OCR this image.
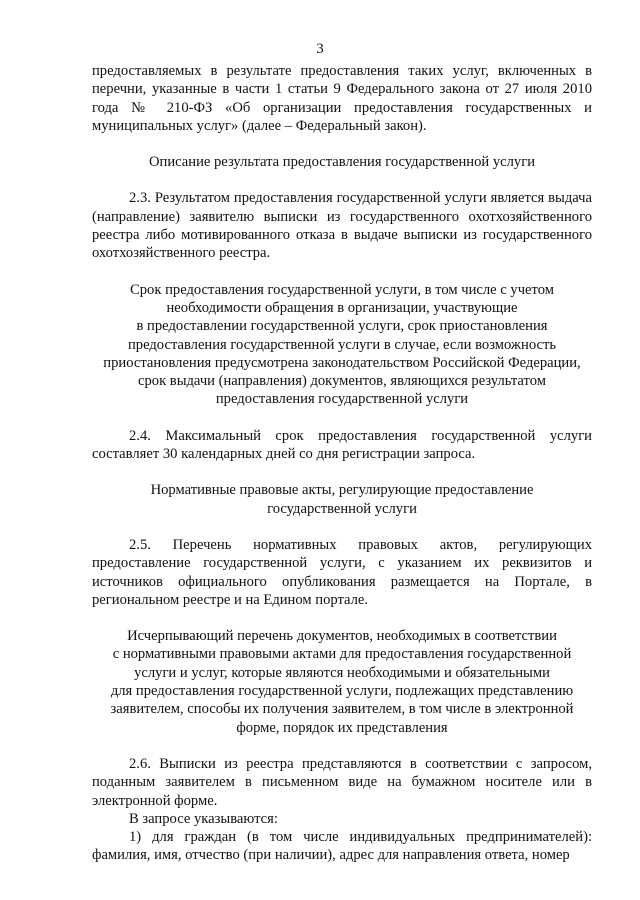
3

предоставляемых в результате предоставления таких услуг, включенных в перечни, указанные в части 1 статьи 9 Федерального закона от 27 июля 2010 года № 210-ФЗ «Об организации предоставления государственных и муниципальных услуг» (далее – Федеральный закон).

Описание результата предоставления государственной услуги

2.3. Результатом предоставления государственной услуги является выдача (направление) заявителю выписки из государственного охотхозяйственного реестра либо мотивированного отказа в выдаче выписки из государственного охотхозяйственного реестра.

Срок предоставления государственной услуги, в том числе с учетом
необходимости обращения в организации, участвующие
в предоставлении государственной услуги, срок приостановления
предоставления государственной услуги в случае, если возможность
приостановления предусмотрена законодательством Российской Федерации,
срок выдачи (направления) документов, являющихся результатом
предоставления государственной услуги

2.4. Максимальный срок предоставления государственной услуги составляет 30 календарных дней со дня регистрации запроса.

Нормативные правовые акты, регулирующие предоставление
государственной услуги

2.5. Перечень нормативных правовых актов, регулирующих предоставление государственной услуги, с указанием их реквизитов и источников официального опубликования размещается на Портале, в региональном реестре и на Едином портале.

Исчерпывающий перечень документов, необходимых в соответствии
с нормативными правовыми актами для предоставления государственной
услуги и услуг, которые являются необходимыми и обязательными
для предоставления государственной услуги, подлежащих представлению
заявителем, способы их получения заявителем, в том числе в электронной
форме, порядок их представления

2.6. Выписки из реестра представляются в соответствии с запросом, поданным заявителем в письменном виде на бумажном носителе или в электронной форме.

В запросе указываются:

1) для граждан (в том числе индивидуальных предпринимателей): фамилия, имя, отчество (при наличии), адрес для направления ответа, номер
